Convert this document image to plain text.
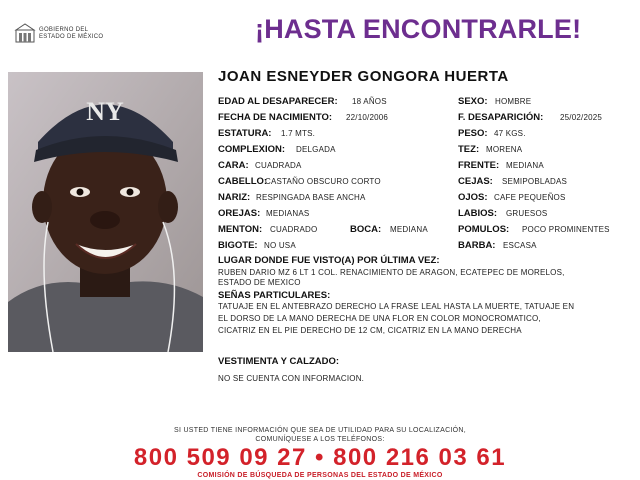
GOBIERNO DEL
ESTADO DE MÉXICO	¡HASTA ENCONTRARLE!
NY
JOAN ESNEYDER GONGORA HUERTA
EDAD AL DESAPARECER: 18 AÑOS
FECHA DE NACIMIENTO: 22/10/2006
ESTATURA: 1.7 MTS.
COMPLEXION: DELGADA
CARA: CUADRADA
CABELLO:
CASTAÑO OBSCURO CORTO
NARIZ: RESPINGADA BASE ANCHA
OREJAS: MEDIANAS
MENTON: CUADRADO	BOCA: MEDIANA
BIGOTE: NO USA
SEXO: HOMBRE
F. DESAPARICIÓN: 25/02/2025
PESO: 47 KGS.
TEZ: MORENA
FRENTE: MEDIANA
CEJAS: SEMIPOBLADAS
OJOS: CAFE PEQUEÑOS
LABIOS: GRUESOS
POMULOS: POCO PROMINENTES
BARBA: ESCASA
LUGAR DONDE FUE VISTO(A) POR ÚLTIMA VEZ:
RUBEN DARIO MZ 6 LT 1 COL. RENACIMIENTO DE ARAGON, ECATEPEC DE MORELOS,
ESTADO DE MEXICO
SEÑAS PARTICULARES:
TATUAJE EN EL ANTEBRAZO DERECHO LA FRASE LEAL HASTA LA MUERTE, TATUAJE EN
EL DORSO DE LA MANO DERECHA DE UNA FLOR EN COLOR MONOCROMATICO,
CICATRIZ EN EL PIE DERECHO DE 12 CM, CICATRIZ EN LA MANO DERECHA
VESTIMENTA Y CALZADO:
NO SE CUENTA CON INFORMACION.
SI USTED TIENE INFORMACIÓN QUE SEA DE UTILIDAD PARA SU LOCALIZACIÓN,
COMUNÍQUESE A LOS TELÉFONOS:
800 509 09 27 • 800 216 03 61
COMISIÓN DE BÚSQUEDA DE PERSONAS DEL ESTADO DE MÉXICO
